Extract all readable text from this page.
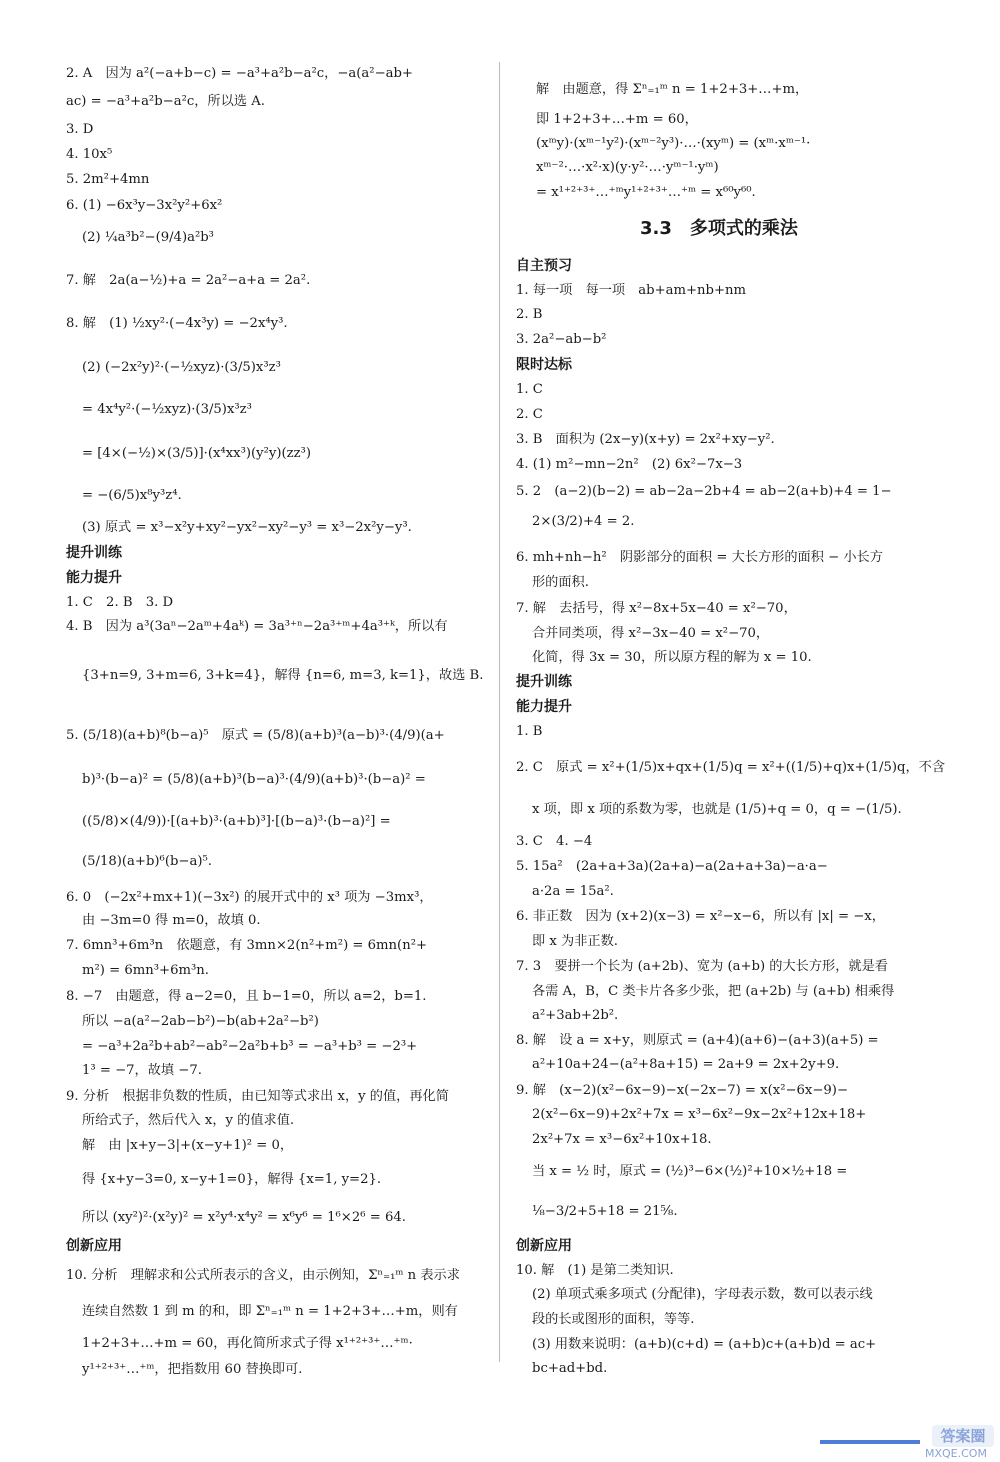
2. A　因为 a²(−a+b−c) = −a³+a²b−a²c，−a(a²−ab+
ac) = −a³+a²b−a²c，所以选 A.
3. D
4. 10x⁵
5. 2m²+4mn
6. (1) −6x³y−3x²y²+6x²
(2) ¼a³b²−(9/4)a²b³
7. 解　2a(a−½)+a = 2a²−a+a = 2a².
8. 解　(1) ½xy²·(−4x³y) = −2x⁴y³.
(2) (−2x²y)²·(−½xyz)·(3/5)x³z³
= 4x⁴y²·(−½xyz)·(3/5)x³z³
= [4×(−½)×(3/5)]·(x⁴xx³)(y²y)(zz³)
= −(6/5)x⁸y³z⁴.
(3) 原式 = x³−x²y+xy²−yx²−xy²−y³ = x³−2x²y−y³.
提升训练
能力提升
1. C　2. B　3. D
4. B　因为 a³(3aⁿ−2aᵐ+4aᵏ) = 3a³⁺ⁿ−2a³⁺ᵐ+4a³⁺ᵏ，所以有
{3+n=9, 3+m=6, 3+k=4}，解得 {n=6, m=3, k=1}，故选 B.
5. (5/18)(a+b)⁸(b−a)⁵　原式 = (5/8)(a+b)³(a−b)³·(4/9)(a+
b)³·(b−a)² = (5/8)(a+b)³(b−a)³·(4/9)(a+b)³·(b−a)² =
((5/8)×(4/9))·[(a+b)³·(a+b)³]·[(b−a)³·(b−a)²] =
(5/18)(a+b)⁶(b−a)⁵.
6. 0　(−2x²+mx+1)(−3x²) 的展开式中的 x³ 项为 −3mx³，
由 −3m=0 得 m=0，故填 0.
7. 6mn³+6m³n　依题意，有 3mn×2(n²+m²) = 6mn(n²+
m²) = 6mn³+6m³n.
8. −7　由题意，得 a−2=0，且 b−1=0，所以 a=2，b=1.
所以 −a(a²−2ab−b²)−b(ab+2a²−b²)
= −a³+2a²b+ab²−ab²−2a²b+b³ = −a³+b³ = −2³+
1³ = −7，故填 −7.
9. 分析　根据非负数的性质，由已知等式求出 x，y 的值，再化简
所给式子，然后代入 x，y 的值求值.
解　由 |x+y−3|+(x−y+1)² = 0，
得 {x+y−3=0, x−y+1=0}，解得 {x=1, y=2}.
所以 (xy²)²·(x²y)² = x²y⁴·x⁴y² = x⁶y⁶ = 1⁶×2⁶ = 64.
创新应用
10. 分析　理解求和公式所表示的含义，由示例知，Σⁿ₌₁ᵐ n 表示求
连续自然数 1 到 m 的和，即 Σⁿ₌₁ᵐ n = 1+2+3+…+m，则有
1+2+3+…+m = 60，再化简所求式子得 x¹⁺²⁺³⁺…⁺ᵐ·
y¹⁺²⁺³⁺…⁺ᵐ，把指数用 60 替换即可.
解　由题意，得 Σⁿ₌₁ᵐ n = 1+2+3+…+m，
即 1+2+3+…+m = 60，
(xᵐy)·(xᵐ⁻¹y²)·(xᵐ⁻²y³)·…·(xyᵐ) = (xᵐ·xᵐ⁻¹·
xᵐ⁻²·…·x²·x)(y·y²·…·yᵐ⁻¹·yᵐ)
= x¹⁺²⁺³⁺…⁺ᵐy¹⁺²⁺³⁺…⁺ᵐ = x⁶⁰y⁶⁰.
3.3　多项式的乘法
自主预习
1. 每一项　每一项　ab+am+nb+nm
2. B
3. 2a²−ab−b²
限时达标
1. C
2. C
3. B　面积为 (2x−y)(x+y) = 2x²+xy−y².
4. (1) m²−mn−2n²　(2) 6x²−7x−3
5. 2　(a−2)(b−2) = ab−2a−2b+4 = ab−2(a+b)+4 = 1−
2×(3/2)+4 = 2.
6. mh+nh−h²　阴影部分的面积 = 大长方形的面积 − 小长方
形的面积.
7. 解　去括号，得 x²−8x+5x−40 = x²−70，
合并同类项，得 x²−3x−40 = x²−70，
化简，得 3x = 30，所以原方程的解为 x = 10.
提升训练
能力提升
1. B
2. C　原式 = x²+(1/5)x+qx+(1/5)q = x²+((1/5)+q)x+(1/5)q，不含
x 项，即 x 项的系数为零，也就是 (1/5)+q = 0，q = −(1/5).
3. C　4. −4
5. 15a²　(2a+a+3a)(2a+a)−a(2a+a+3a)−a·a−
a·2a = 15a².
6. 非正数　因为 (x+2)(x−3) = x²−x−6，所以有 |x| = −x，
即 x 为非正数.
7. 3　要拼一个长为 (a+2b)、宽为 (a+b) 的大长方形，就是看
各需 A，B，C 类卡片各多少张，把 (a+2b) 与 (a+b) 相乘得
a²+3ab+2b².
8. 解　设 a = x+y，则原式 = (a+4)(a+6)−(a+3)(a+5) =
a²+10a+24−(a²+8a+15) = 2a+9 = 2x+2y+9.
9. 解　(x−2)(x²−6x−9)−x(−2x−7) = x(x²−6x−9)−
2(x²−6x−9)+2x²+7x = x³−6x²−9x−2x²+12x+18+
2x²+7x = x³−6x²+10x+18.
当 x = ½ 时，原式 = (½)³−6×(½)²+10×½+18 =
⅛−3/2+5+18 = 21⅝.
创新应用
10. 解　(1) 是第二类知识.
(2) 单项式乘多项式 (分配律)，字母表示数，数可以表示线
段的长或图形的面积，等等.
(3) 用数来说明：(a+b)(c+d) = (a+b)c+(a+b)d = ac+
bc+ad+bd.
答案圈
MXQE.COM
